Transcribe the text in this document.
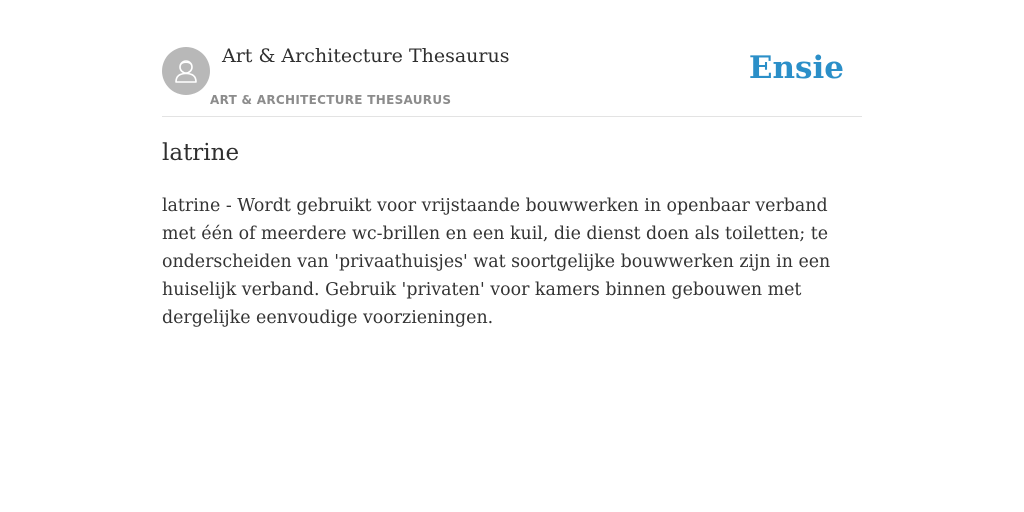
Art & Architecture Thesaurus
ART & ARCHITECTURE THESAURUS
Ensie
latrine

latrine - Wordt gebruikt voor vrijstaande bouwwerken in openbaar verband met één of meerdere wc-brillen en een kuil, die dienst doen als toiletten; te onderscheiden van 'privaathuisjes' wat soortgelijke bouwwerken zijn in een huiselijk verband. Gebruik 'privaten' voor kamers binnen gebouwen met dergelijke eenvoudige voorzieningen.
